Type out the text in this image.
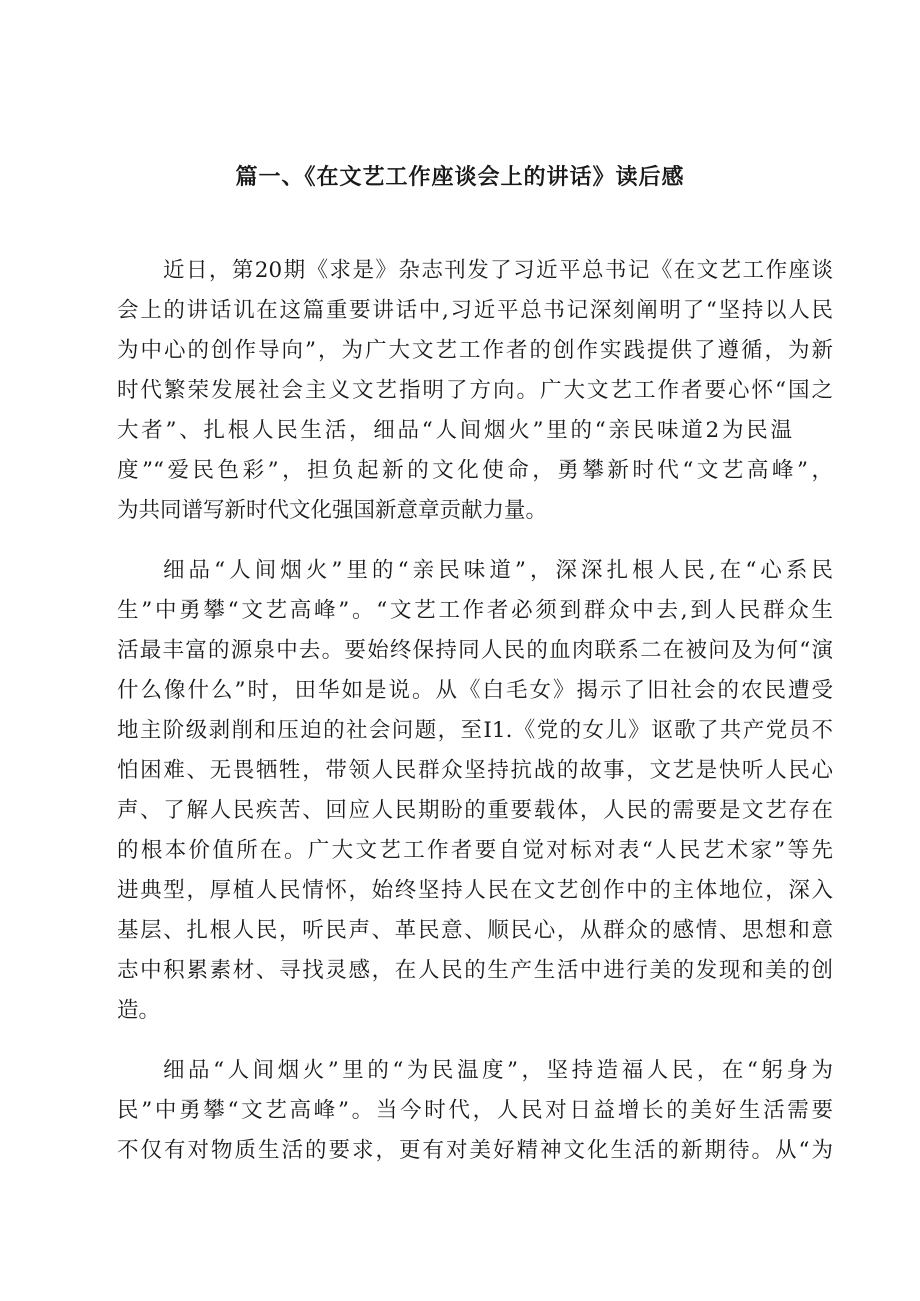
篇一、《在文艺工作座谈会上的讲话》读后感
近日，第20期《求是》杂志刊发了习近平总书记《在文艺工作座谈
会上的讲话讥在这篇重要讲话中,习近平总书记深刻阐明了“坚持以人民
为中心的创作导向”，为广大文艺工作者的创作实践提供了遵循，为新
时代繁荣发展社会主义文艺指明了方向。广大文艺工作者要心怀“国之
大者”、扎根人民生活，细品“人间烟火”里的“亲民味道2为民温
度”“爱民色彩”，担负起新的文化使命，勇攀新时代“文艺高峰”，
为共同谱写新时代文化强国新意章贡献力量。
细品“人间烟火”里的“亲民味道”，深深扎根人民,在“心系民
生”中勇攀“文艺高峰”。“文艺工作者必须到群众中去,到人民群众生
活最丰富的源泉中去。要始终保持同人民的血肉联系二在被问及为何“演
什么像什么”时，田华如是说。从《白毛女》揭示了旧社会的农民遭受
地主阶级剥削和压迫的社会问题，至I1.《党的女儿》讴歌了共产党员不
怕困难、无畏牺牲，带领人民群众坚持抗战的故事，文艺是快听人民心
声、了解人民疾苦、回应人民期盼的重要载体，人民的需要是文艺存在
的根本价值所在。广大文艺工作者要自觉对标对表“人民艺术家”等先
进典型，厚植人民情怀，始终坚持人民在文艺创作中的主体地位，深入
基层、扎根人民，听民声、革民意、顺民心，从群众的感情、思想和意
志中积累素材、寻找灵感，在人民的生产生活中进行美的发现和美的创
造。
细品“人间烟火”里的“为民温度”，坚持造福人民，在“躬身为
民”中勇攀“文艺高峰”。当今时代，人民对日益增长的美好生活需要
不仅有对物质生活的要求，更有对美好精神文化生活的新期待。从“为
